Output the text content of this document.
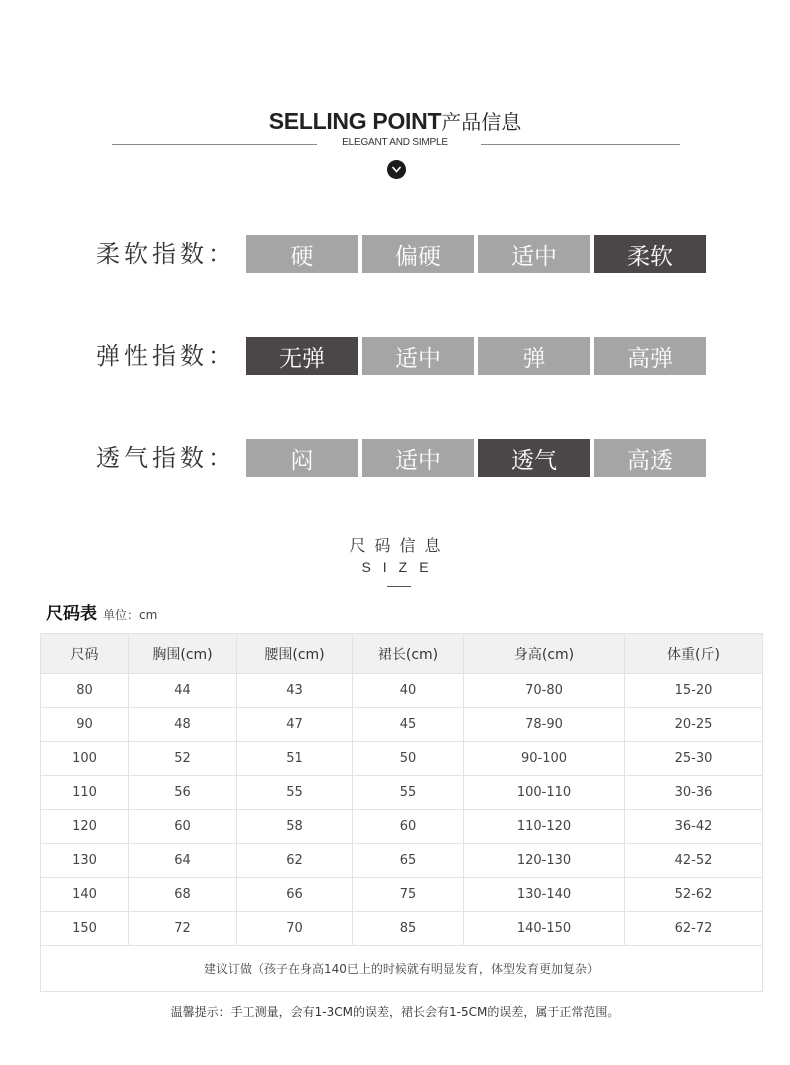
SELLING POINT产品信息
ELEGANT AND SIMPLE
柔软指数：	硬	偏硬	适中	柔软
弹性指数：	无弹	适中	弹	高弹
透气指数：	闷	适中	透气	高透
尺码信息
SIZE
尺码表 单位：cm
尺码	胸围(cm)	腰围(cm)	裙长(cm)	身高(cm)	体重(斤)
80	44	43	40	70-80	15-20
90	48	47	45	78-90	20-25
100	52	51	50	90-100	25-30
110	56	55	55	100-110	30-36
120	60	58	60	110-120	36-42
130	64	62	65	120-130	42-52
140	68	66	75	130-140	52-62
150	72	70	85	140-150	62-72
建议订做（孩子在身高140已上的时候就有明显发育，体型发育更加复杂）					
温馨提示：手工测量，会有1-3CM的误差，裙长会有1-5CM的误差，属于正常范围。
